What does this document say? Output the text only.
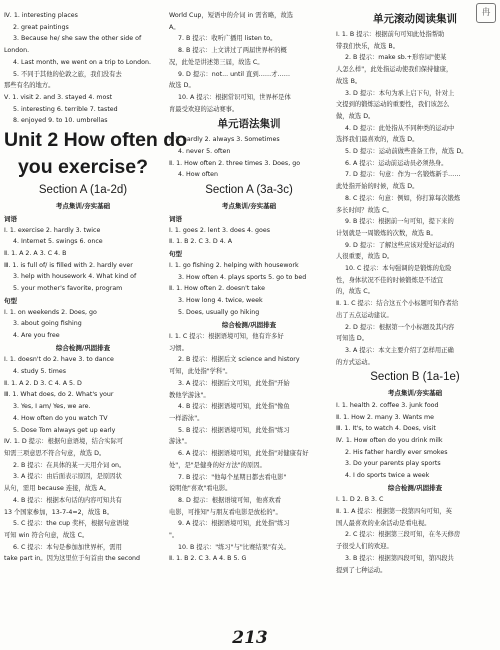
冉
Ⅳ. 1. interesting places
2. great paintings
3. Because he/ she saw the other side of
London.
4. Last month, we went on a trip to London.
5. 不同于其他的伦敦之旅，我们没有去
那些有名的地方。
Ⅴ. 1. visit 2. and 3. stayed 4. most
5. interesting 6. terrible 7. tasted
8. enjoyed 9. to 10. umbrellas
Unit 2 How often do
you exercise?
Section A (1a-2d)
考点集训/夯实基础
词语
Ⅰ. 1. exercise 2. hardly 3. twice
4. Internet 5. swings 6. once
Ⅱ. 1. A 2. A 3. C 4. B
Ⅲ. 1. is full of/ is filled with 2. hardly ever
3. help with housework 4. What kind of
5. your mother's favorite, program
句型
Ⅰ. 1. on weekends 2. Does, go
3. about going fishing
4. Are you free
综合检测/巩固排查
Ⅰ. 1. doesn't do 2. have 3. to dance
4. study 5. times
Ⅱ. 1. A 2. D 3. C 4. A 5. D
Ⅲ. 1. What does, do 2. What's your
3. Yes, I am/ Yes, we are.
4. How often do you watch TV
5. Dose Tom always get up early
Ⅳ. 1. D 提示：根据句意语境，结合实际可
知需三项意思不符合句意，故选 D。
2. B 提示：在具体的某一天用介词 on。
3. A 提示：由后面表示原因，是原因状
从句，需用 because 连接，故选 A。
4. B 提示：根据本句话的内容可知共有
13 个国家参加，13-7-4=2，故选 B。
5. C 提示：the cup 奖杯，根据句意语境
可知 win 符合句意，故选 C。
6. C 提示：本句是参加加世界杯，需用
take part in。因为这里位于句首由 the second
World Cup，短语中的介词 in 需省略，故选
A。
7. B 提示：收听广播用 listen to。
8. B 提示：上文讲过了两届世界杯的概
况，此处是讲述第三届，故选 C。
9. D 提示：not... until 直到……才……
故选 D。
10. A 提示：根据常识可知，世界杯是体
育最受欢迎的运动赛事。
单元语法集训
Ⅰ. 1. hardly 2. always 3. Sometimes
4. never 5. often
Ⅱ. 1. How often 2. three times 3. Does, go
4. How often
Section A (3a-3c)
考点集训/夯实基础
词语
Ⅰ. 1. goes 2. lent 3. does 4. goes
Ⅱ. 1. B 2. C 3. D 4. A
句型
Ⅰ. 1. go fishing 2. helping with housework
3. How often 4. plays sports 5. go to bed
Ⅱ. 1. How often 2. doesn't take
3. How long 4. twice, week
5. Does, usually go hiking
综合检测/巩固排查
Ⅰ. 1. C 提示：根据语境可知，他有许多好
习惯。
2. B 提示：根据后文 science and history
可知，此处指"学科"。
3. A 提示：根据后文可知，此处指"开始
教他学游泳"。
4. B 提示：根据语境可知，此处指"像鱼
一样游泳"。
5. B 提示：根据语境可知，此处指"练习
游泳"。
6. A 提示：根据语境可知，此处指"对健康有好
处"，是"是健身的好方法"的原因。
7. B 提示："他每个星期日都去看电影"
说明他"喜欢"看电影。
8. D 提示：根据语境可知，他喜欢看
电影，可推知"与朋友看电影是放松的"。
9. A 提示：根据语境可知，此处指"练习
"。
10. B 提示："练习"与"比赛结果"有关。
Ⅱ. 1. B 2. C 3. A 4. B 5. G
单元滚动阅读集训
Ⅰ. 1. B 提示：根据前句可知此处指帮助
带我们快乐，故选 B。
2. B 提示：make sb.+形容词"使某
人怎么样"，此处指运动使我们保持健康，
故选 B。
3. D 提示：本句为承上启下句，针对上
文提到的锻炼运动的重要性，我们该怎么
做，故选 D。
4. D 提示：此处指从不同种类的运动中
选择我们最喜欢的，故选 D。
5. D 提示：运动前做些准备工作，故选 D。
6. A 提示：运动前运动员必须热身。
7. D 提示：句意：作为一名锻炼新手……
此处指开始的时候，故选 D。
8. C 提示：句意：例如，你打算每次锻炼
多长时间？故选 C。
9. B 提示：根据前一句可知，提下来的
计划就是一周锻炼的次数，故选 B。
9. D 提示：了解这些应该对爱好运动的
人很重要，故选 D。
10. C 提示：本句强调的是锻炼的危险
性，身体状况不佳的时候锻炼是不适宜
的，故选 C。
Ⅱ. 1. C 提示：结合这五个小标题可知作者给
出了五点运动建议。
2. D 提示：根据第一个小标题及其内容
可知选 D。
3. A 提示：本文主要介绍了怎样用正确
的方式运动。
Section B (1a-1e)
考点集训/夯实基础
Ⅰ. 1. health 2. coffee 3. junk food
Ⅱ. 1. How 2. many 3. Wants me
Ⅲ. 1. It's, to watch 4. Does, visit
Ⅳ. 1. How often do you drink milk
2. His father hardly ever smokes
3. Do your parents play sports
4. I do sports twice a week
综合检测/巩固排查
Ⅰ. 1. D 2. B 3. C
Ⅱ. 1. A 提示：根据第一段第四句可知，英
国人最喜欢的业余活动是看电视。
2. C 提示：根据第三段可知，在冬天修房
子很受人们的欢迎。
3. B 提示：根据第四段可知，第四段共
提到了七种运动。
213
